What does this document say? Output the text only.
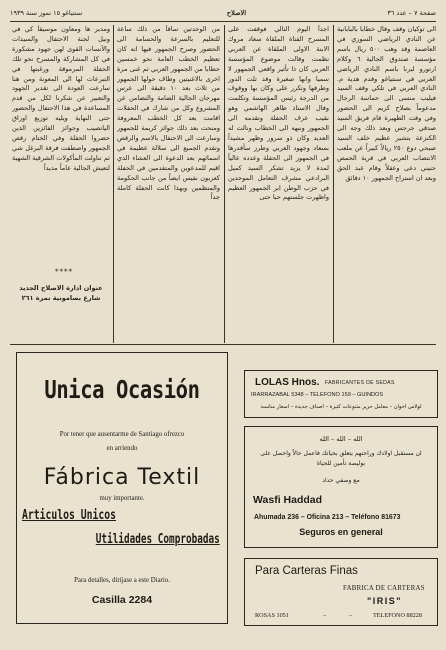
صفحة ٧ – عدد ٣٦
الاصلاح
سنتياغو ١٥ تموز سنة ١٩٣٩

الى توكيان وقف وقال خطابا بالبابانية عن النادي الرياضي السوري في العاصمة وقد وهب ٥٠٠ ريال باسم مؤسسة صندوق الجالية ٦ وكلام ارتورو لبرنا باسم النادي الرياضي العربي في سنتياغو وقدم هدية م. النادي العربي في تلكي وقف السيد فيليب منسى الى حماسة الرجال مدعوماً بصلاح كريم الى الحضور وفي وقت الظهيرة قام فريق السيد صدقي جرجس وبعد ذلك وجه الى الكنزعة بتشير عظيم خلف السيد صبحي دوع ٢٥٠ ريالاً كبيراً عن ملعب الانتصاب العربي في قرية الحمص حنيني دعى وعقلاً وقام عبد الحق وبعد ان استراح الجمهور ١٠ دقائق

اجداً اليوم التالي فوقفت على المسرح الفتاة الملقاة سعاد مروك الابنة الاولى الملقاة عن العربي نظمت وقالت موضوع المؤسسة العربي كان ذا تأثير واقعي الجمهور لا سميا وانها صغيرة وقد تلت الدور وطرقها وتكرر على وكان بها ووقوف من الدرجة رئيس المؤسسة وتكلمت وقال الاستاذ ظاهر الهاشمي وهو نقيب عرف الحفلة وتقدمه الى الجمهور ونبهه الى الخطاب ونالت له العديد وكان ذو سرور وظهر مشيداً بسعاد وجهود العربي وطرز سأقدرها في الجمهور الى الحفلة وعدده عالياً لمدة لا يزيد تشكر السيد كميل البرادعي مشرف التعامل الموحدين في حزب الوطن ابر الجمهور العظيم واظهرت جلستهم حبا حتى

من الوحدتين ساقاً من ذلك ساعة للتعليم بالسرعة والحسامة الى الحضور وصرح الجمهور فيها انه كان تعظيم الخطب العامة نحو خمسين حطابا من الجمهور العربي ثم غنى مرة اخرى بالاغنيتين وطاف حولها الجمهور من ثلاث بعد ١٠ دقيقة الى عرس مهرجان الجالية الضامة والتضامن عن المشروع وكل من شارك في الحفلات اقامت بعد كل الخطب المعروفة ومنحت بعد ذلك جوائز كريمة للجمهور وسارعت الى الاحتفال بالاسم والرقص وتقدم الجميع الى سلالة عظيمة في اسمائهم بعد الدعوة الى العشاء الذي اقيم للمدعوين والمتقدمين في الحفلة كعربون نفيس ايضاً من جانب الحكومة والمنظمين وبهذا كانت الحفلة كاملة جداً

ومدير ها ومعاون موسيقاً كي في ونيل لجنة الاحتفال والسيدات والآنسات القوى لهن جهود مشكورة في كل المشاركة والمسرح نحو تلك الحفلة المرموقة ورغبتها في التبرعات لها الى المعونة ومن هنا سارعت العودة الى تقدير الجهود والتعبير عن شكرنا لكل من قدم المساعدة في هذا الاحتفال والحضور حتى النهاية ويليه توزيع اوراق اليانصيب وجوائز الفائزين الذين حضروا الحفلة وفي الختام رقص الجمهور واصطفت فرقة البرغل شي ثم تناولت المأكولات الشرقية الشهية لتعيش الجالية عاماً مديداً

****

عنوان ادارة الاصلاح الجديد شارع بصامونية نمرة ٢٦١

Unica Ocasión
Por tener que ausentarme de Santiago ofrezco
en arriendo
Fábrica Textil
muy importante.
Articulos Unicos
Utilidades Comprobadas
Para detalles, diríjase a este Diario.
Casilla 2284
LOLAS Hnos. FABRICANTES DE SEDAS
IRARRAZABAL 5348 – TELEFONO 159 – GUINDOS
لولاس اخوان – معامل حرير متنوعات كثيرة – اصناف جديدة – اسعار مناسبة
الله – الله – الله
ان مستقبل اولادك وراحتهم يتعلق بحياتك فاعمل حالاً واحصل على بوليصة تأمين للحياة
مع وصفي حداد
Wasfi Haddad
Ahumada 236 – Oficina 213 – Teléfono 81673
Seguros en general
Para Carteras Finas
FABRICA DE CARTERAS
"IRIS"
ROSAS 1051	–	–	TELEFONO 88228
